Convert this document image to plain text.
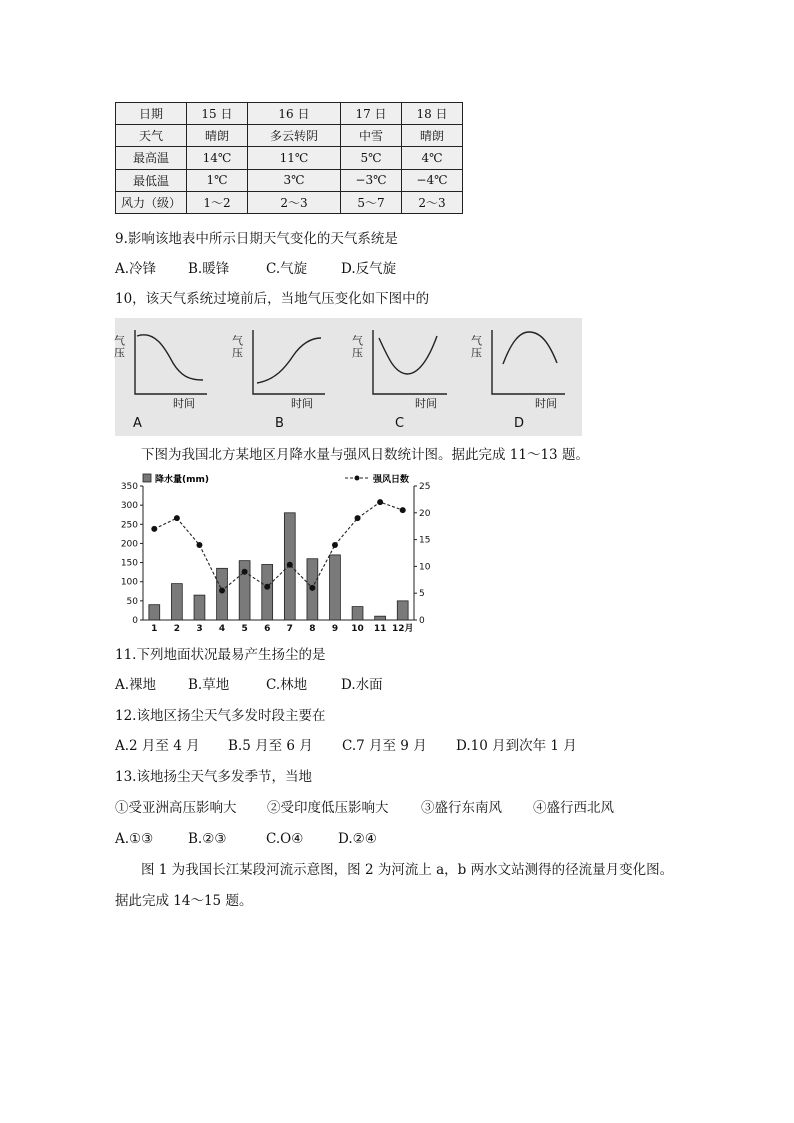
日期	15 日	16 日	17 日	18 日
天气	晴朗	多云转阴	中雪	晴朗
最高温	14℃	11℃	5℃	4℃
最低温	1℃	3℃	−3℃	−4℃
风力（级）	1～2	2～3	5～7	2～3
9.影响该地表中所示日期天气变化的天气系统是
A.冷锋 B.暖锋	C.气旋	D.反气旋
10，该天气系统过境前后，当地气压变化如下图中的
气压
时间
A
气压
时间
B
气压
时间
C
气压
时间
D
下图为我国北方某地区月降水量与强风日数统计图。据此完成 11～13 题。
0
50
100
150
200
250
300
350
0
5
10
15
20
25
1 2 3 4 5 6 7 8 9 10 11 12月
降水量(mm)	强风日数
11.下列地面状况最易产生扬尘的是
A.裸地 B.草地	C.林地	D.水面
12.该地区扬尘天气多发时段主要在
A.2 月至 4 月 B.5 月至 6 月 C.7 月至 9 月 D.10 月到次年 1 月
13.该地扬尘天气多发季节，当地
①受亚洲高压影响大 ②受印度低压影响大 ③盛行东南风 ④盛行西北风
A.①③	B.②③	C.O④	D.②④
图 1 为我国长江某段河流示意图，图 2 为河流上 a，b 两水文站测得的径流量月变化图。
据此完成 14～15 题。
